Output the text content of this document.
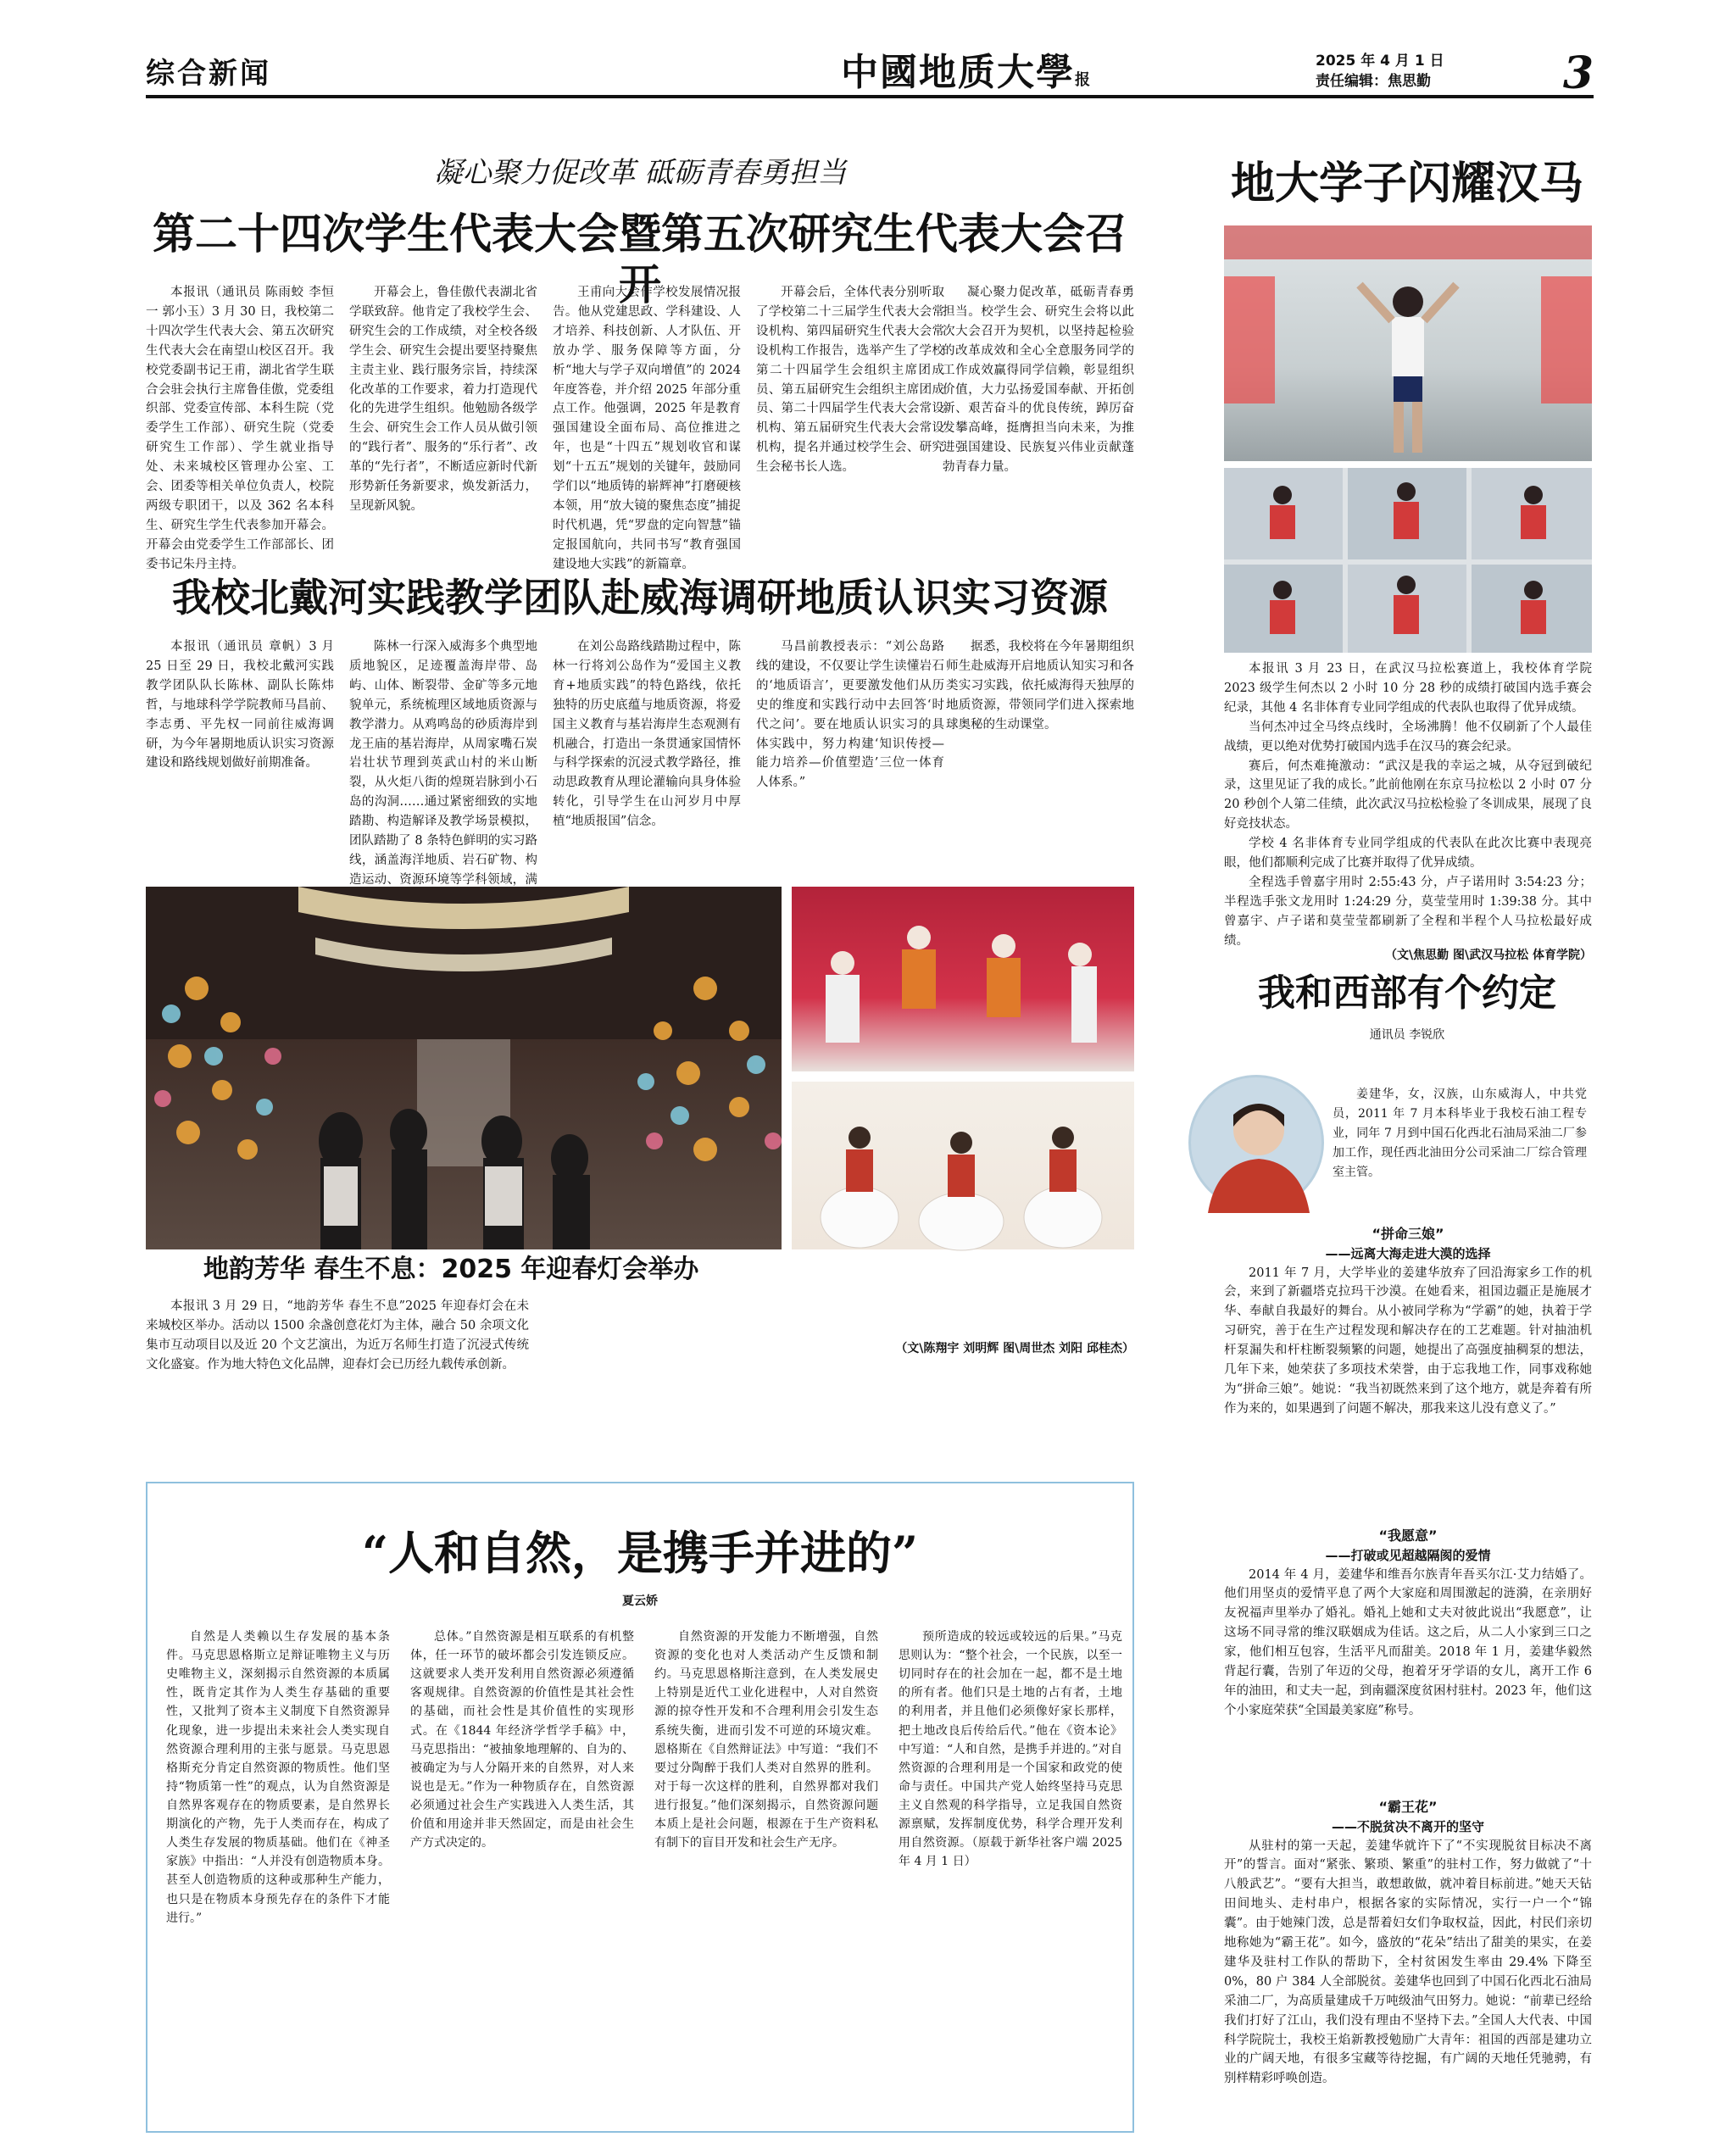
综合新闻	中國地质大學报
2025 年 4 月 1 日
责任编辑：焦思勤	3
凝心聚力促改革 砥砺青春勇担当
第二十四次学生代表大会暨第五次研究生代表大会召开
本报讯（通讯员 陈雨蛟 李恒一 郭小玉）3 月 30 日，我校第二十四次学生代表大会、第五次研究生代表大会在南望山校区召开。我校党委副书记王甫，湖北省学生联合会驻会执行主席鲁佳傲，党委组织部、党委宣传部、本科生院（党委学生工作部）、研究生院（党委研究生工作部）、学生就业指导处、未来城校区管理办公室、工会、团委等相关单位负责人，校院两级专职团干，以及 362 名本科生、研究生学生代表参加开幕会。开幕会由党委学生工作部部长、团委书记朱丹主持。
开幕会上，鲁佳傲代表湖北省学联致辞。他肯定了我校学生会、研究生会的工作成绩，对全校各级学生会、研究生会提出要坚持聚焦主责主业、践行服务宗旨，持续深化改革的工作要求，着力打造现代化的先进学生组织。他勉励各级学生会、研究生会工作人员从做引领的“践行者”、服务的“乐行者”、改革的“先行者”，不断适应新时代新形势新任务新要求，焕发新活力，呈现新风貌。
王甫向大会作学校发展情况报告。他从党建思政、学科建设、人才培养、科技创新、人才队伍、开放办学、服务保障等方面，分析“地大与学子双向增值”的 2024 年度答卷，并介绍 2025 年部分重点工作。他强调，2025 年是教育强国建设全面布局、高位推进之年，也是“十四五”规划收官和谋划“十五五”规划的关键年，鼓励同学们以“地质铸的崭辉神”打磨硬核本领，用“放大镜的聚焦态度”捕捉时代机遇，凭“罗盘的定向智慧”锚定报国航向，共同书写“教育强国建设地大实践”的新篇章。
开幕会后，全体代表分别听取了学校第二十三届学生代表大会常设机构、第四届研究生代表大会常设机构工作报告，选举产生了学校第二十四届学生会组织主席团成员、第五届研究生会组织主席团成员、第二十四届学生代表大会常设机构、第五届研究生代表大会常设机构，提名并通过校学生会、研究生会秘书长人选。
凝心聚力促改革，砥砺青春勇担当。校学生会、研究生会将以此次大会召开为契机，以坚持起检验的改革成效和全心全意服务同学的工作成效赢得同学信赖，彰显组织价值，大力弘扬爱国奉献、开拓创新、艰苦奋斗的优良传统，踔厉奋发攀高峰，挺膺担当向未来，为推进强国建设、民族复兴伟业贡献蓬勃青春力量。
我校北戴河实践教学团队赴威海调研地质认识实习资源
本报讯（通讯员 章帆）3 月 25 日至 29 日，我校北戴河实践教学团队队长陈林、副队长陈炜哲，与地球科学学院教师马昌前、李志勇、平先权一同前往威海调研，为今年暑期地质认识实习资源建设和路线规划做好前期准备。
陈林一行深入威海多个典型地质地貌区，足迹覆盖海岸带、岛屿、山体、断裂带、金矿等多元地貌单元，系统梳理区域地质资源与教学潜力。从鸡鸣岛的砂质海岸到龙王庙的基岩海岸，从周家嘴石炭岩壮状节理到英武山村的米山断裂，从火炬八街的煌斑岩脉到小石岛的沟洞……通过紧密细致的实地踏勘、构造解译及教学场景模拟，团队踏勘了 8 条特色鲜明的实习路线，涵盖海洋地质、岩石矿物、构造运动、资源环境等学科领域，满
在刘公岛路线踏勘过程中，陈林一行将刘公岛作为“爱国主义教育+地质实践”的特色路线，依托独特的历史底蕴与地质资源，将爱国主义教育与基岩海岸生态观测有机融合，打造出一条贯通家国情怀与科学探索的沉浸式教学路径，推动思政教育从理论灌输向具身体验转化，引导学生在山河岁月中厚植“地质报国”信念。
马昌前教授表示：“刘公岛路线的建设，不仅要让学生读懂岩石的‘地质语言’，更要激发他们从历史的维度和实践行动中去回答‘时代之问’。要在地质认识实习的具体实践中，努力构建‘知识传授—能力培养—价值塑造’三位一体育人体系。”
据悉，我校将在今年暑期组织师生赴威海开启地质认知实习和各类实习实践，依托威海得天独厚的地质资源，带领同学们进入探索地球奥秘的生动课堂。
地韵芳华 春生不息：2025 年迎春灯会举办
本报讯 3 月 29 日，“地韵芳华 春生不息”2025 年迎春灯会在未来城校区举办。活动以 1500 余盏创意花灯为主体，融合 50 余项文化集市互动项目以及近 20 个文艺演出，为近万名师生打造了沉浸式传统文化盛宴。作为地大特色文化品牌，迎春灯会已历经九载传承创新。
（文\陈翔宇 刘明辉 图\周世杰 刘阳 邱桂杰）
“人和自然，是携手并进的”
夏云娇
自然是人类赖以生存发展的基本条件。马克思恩格斯立足辩证唯物主义与历史唯物主义，深刻揭示自然资源的本质属性，既肯定其作为人类生存基础的重要性，又批判了资本主义制度下自然资源异化现象，进一步提出未来社会人类实现自然资源合理利用的主张与愿景。马克思恩格斯充分肯定自然资源的物质性。他们坚持“物质第一性”的观点，认为自然资源是自然界客观存在的物质要素，是自然界长期演化的产物，先于人类而存在，构成了人类生存发展的物质基础。他们在《神圣家族》中指出：“人并没有创造物质本身。甚至人创造物质的这种或那种生产能力，也只是在物质本身预先存在的条件下才能进行。”
总体。”自然资源是相互联系的有机整体，任一环节的破坏都会引发连锁反应。这就要求人类开发利用自然资源必须遵循客观规律。自然资源的价值性是其社会性的基础，而社会性是其价值性的实现形式。在《1844 年经济学哲学手稿》中，马克思指出：“被抽象地理解的、自为的、被确定为与人分隔开来的自然界，对人来说也是无。”作为一种物质存在，自然资源必须通过社会生产实践进入人类生活，其价值和用途并非天然固定，而是由社会生产方式决定的。
自然资源的开发能力不断增强，自然资源的变化也对人类活动产生反馈和制约。马克思恩格斯注意到，在人类发展史上特别是近代工业化进程中，人对自然资源的掠夺性开发和不合理利用会引发生态系统失衡，进而引发不可逆的环境灾难。恩格斯在《自然辩证法》中写道：“我们不要过分陶醉于我们人类对自然界的胜利。对于每一次这样的胜利，自然界都对我们进行报复。”他们深刻揭示，自然资源问题本质上是社会问题，根源在于生产资料私有制下的盲目开发和社会生产无序。
预所造成的较远或较远的后果。”马克思则认为：“整个社会，一个民族，以至一切同时存在的社会加在一起，都不是土地的所有者。他们只是土地的占有者，土地的利用者，并且他们必须像好家长那样，把土地改良后传给后代。”他在《资本论》中写道：“人和自然，是携手并进的。”对自然资源的合理利用是一个国家和政党的使命与责任。中国共产党人始终坚持马克思主义自然观的科学指导，立足我国自然资源禀赋，发挥制度优势，科学合理开发利用自然资源。（原载于新华社客户端 2025 年 4 月 1 日）
地大学子闪耀汉马

本报讯 3 月 23 日，在武汉马拉松赛道上，我校体育学院 2023 级学生何杰以 2 小时 10 分 28 秒的成绩打破国内选手赛会纪录，其他 4 名非体育专业同学组成的代表队也取得了优异成绩。

当何杰冲过全马终点线时，全场沸腾！他不仅刷新了个人最佳战绩，更以绝对优势打破国内选手在汉马的赛会纪录。

赛后，何杰难掩激动：“武汉是我的幸运之城，从夺冠到破纪录，这里见证了我的成长。”此前他刚在东京马拉松以 2 小时 07 分 20 秒创个人第二佳绩，此次武汉马拉松检验了冬训成果，展现了良好竞技状态。

学校 4 名非体育专业同学组成的代表队在此次比赛中表现亮眼，他们都顺利完成了比赛并取得了优异成绩。

全程选手曾嘉宇用时 2:55:43 分，卢子诺用时 3:54:23 分；半程选手张文龙用时 1:24:29 分，莫莹莹用时 1:39:38 分。其中曾嘉宇、卢子诺和莫莹莹都刷新了全程和半程个人马拉松最好成绩。

（文\焦思勤 图\武汉马拉松 体育学院）
我和西部有个约定
通讯员 李锐欣
姜建华，女，汉族，山东威海人，中共党员，2011 年 7 月本科毕业于我校石油工程专业，同年 7 月到中国石化西北石油局采油二厂参加工作，现任西北油田分公司采油二厂综合管理室主管。
“拼命三娘”
——远离大海走进大漠的选择
2011 年 7 月，大学毕业的姜建华放弃了回沿海家乡工作的机会，来到了新疆塔克拉玛干沙漠。在她看来，祖国边疆正是施展才华、奉献自我最好的舞台。从小被同学称为“学霸”的她，执着于学习研究，善于在生产过程发现和解决存在的工艺难题。针对抽油机杆泵漏失和杆柱断裂频繁的问题，她提出了高强度抽稠泵的想法，几年下来，她荣获了多项技术荣誉，由于忘我地工作，同事戏称她为“拼命三娘”。她说：“我当初既然来到了这个地方，就是奔着有所作为来的，如果遇到了问题不解决，那我来这儿没有意义了。”
“我愿意”
——打破或见超越隔阂的爱情
2014 年 4 月，姜建华和维吾尔族青年吾买尔江·艾力结婚了。他们用坚贞的爱情平息了两个大家庭和周围激起的涟漪，在亲朋好友祝福声里举办了婚礼。婚礼上她和丈夫对彼此说出“我愿意”，让这场不同寻常的维汉联姻成为佳话。这之后，从二人小家到三口之家，他们相互包容，生活平凡而甜美。2018 年 1 月，姜建华毅然背起行囊，告别了年迈的父母，抱着牙牙学语的女儿，离开工作 6 年的油田，和丈夫一起，到南疆深度贫困村驻村。2023 年，他们这个小家庭荣获“全国最美家庭”称号。
“霸王花”
——不脱贫决不离开的坚守
从驻村的第一天起，姜建华就许下了“不实现脱贫目标决不离开”的誓言。面对“紧张、繁琐、繁重”的驻村工作，努力做就了“十八般武艺”。“要有大担当，敢想敢做，就冲着目标前进。”她天天钻田间地头、走村串户，根据各家的实际情况，实行一户一个“锦囊”。由于她辣门泼，总是帮着妇女们争取权益，因此，村民们亲切地称她为“霸王花”。如今，盛放的“花朵”结出了甜美的果实，在姜建华及驻村工作队的帮助下，全村贫困发生率由 29.4% 下降至 0%，80 户 384 人全部脱贫。姜建华也回到了中国石化西北石油局采油二厂，为高质量建成千万吨级油气田努力。她说：“前辈已经给我们打好了江山，我们没有理由不坚持下去。”全国人大代表、中国科学院院士，我校王焰新教授勉励广大青年：祖国的西部是建功立业的广阔天地，有很多宝藏等待挖掘，有广阔的天地任凭驰骋，有别样精彩呼唤创造。
